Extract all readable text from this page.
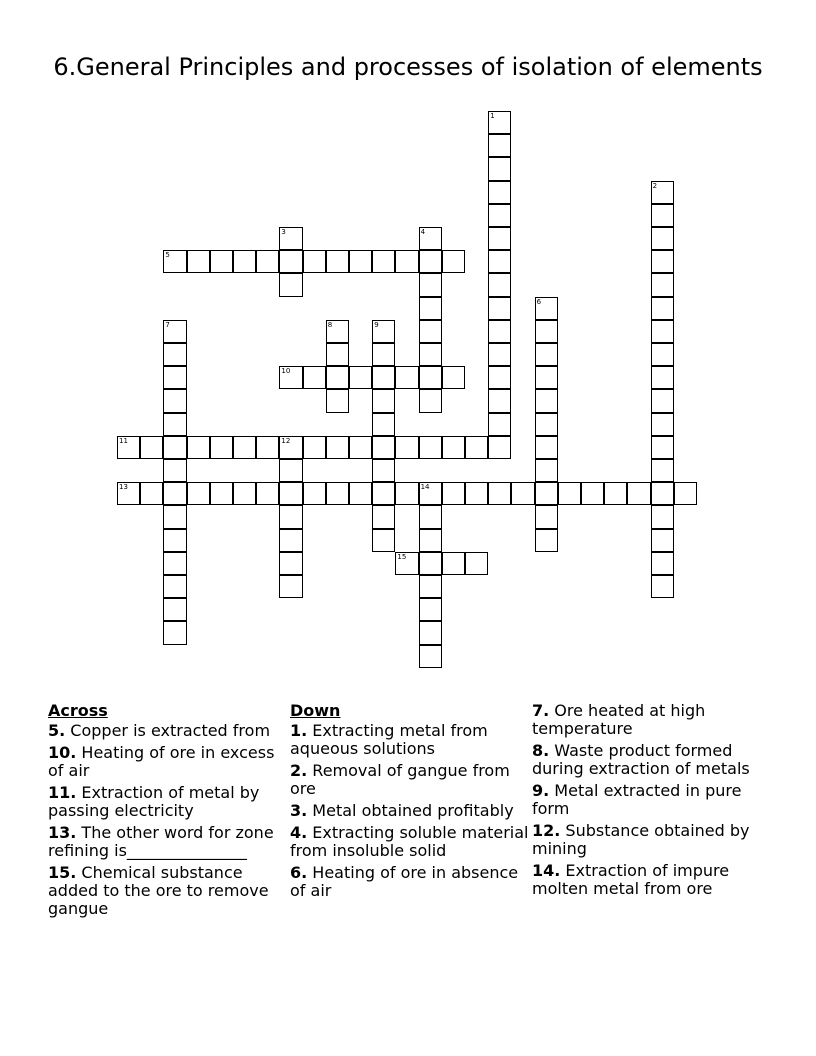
6.General Principles and processes of isolation of elements
1
2
3	4
5
6
7	8	9
10
11	12
13	14
15
Across
5. Copper is extracted from
10. Heating of ore in excess of air
11. Extraction of metal by passing electricity
13. The other word for zone refining is_______________
15. Chemical substance added to the ore to remove gangue
Down
1. Extracting metal from aqueous solutions
2. Removal of gangue from ore
3. Metal obtained profitably
4. Extracting soluble material from insoluble solid
6. Heating of ore in absence of air
7. Ore heated at high temperature
8. Waste product formed during extraction of metals
9. Metal extracted in pure form
12. Substance obtained by mining
14. Extraction of impure molten metal from ore
